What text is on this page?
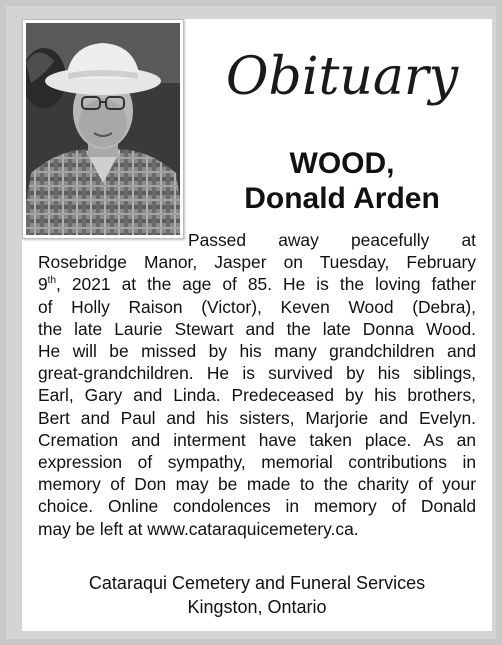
Obituary
WOOD,
Donald Arden
Passed away peacefully at
Rosebridge Manor, Jasper on Tuesday, February
9th, 2021 at the age of 85. He is the loving father
of Holly Raison (Victor), Keven Wood (Debra),
the late Laurie Stewart and the late Donna Wood.
He will be missed by his many grandchildren and
great-grandchildren. He is survived by his siblings,
Earl, Gary and Linda. Predeceased by his brothers,
Bert and Paul and his sisters, Marjorie and Evelyn.
Cremation and interment have taken place. As an
expression of sympathy, memorial contributions in
memory of Don may be made to the charity of your
choice. Online condolences in memory of Donald
may be left at www.cataraquicemetery.ca.
Cataraqui Cemetery and Funeral Services
Kingston, Ontario
